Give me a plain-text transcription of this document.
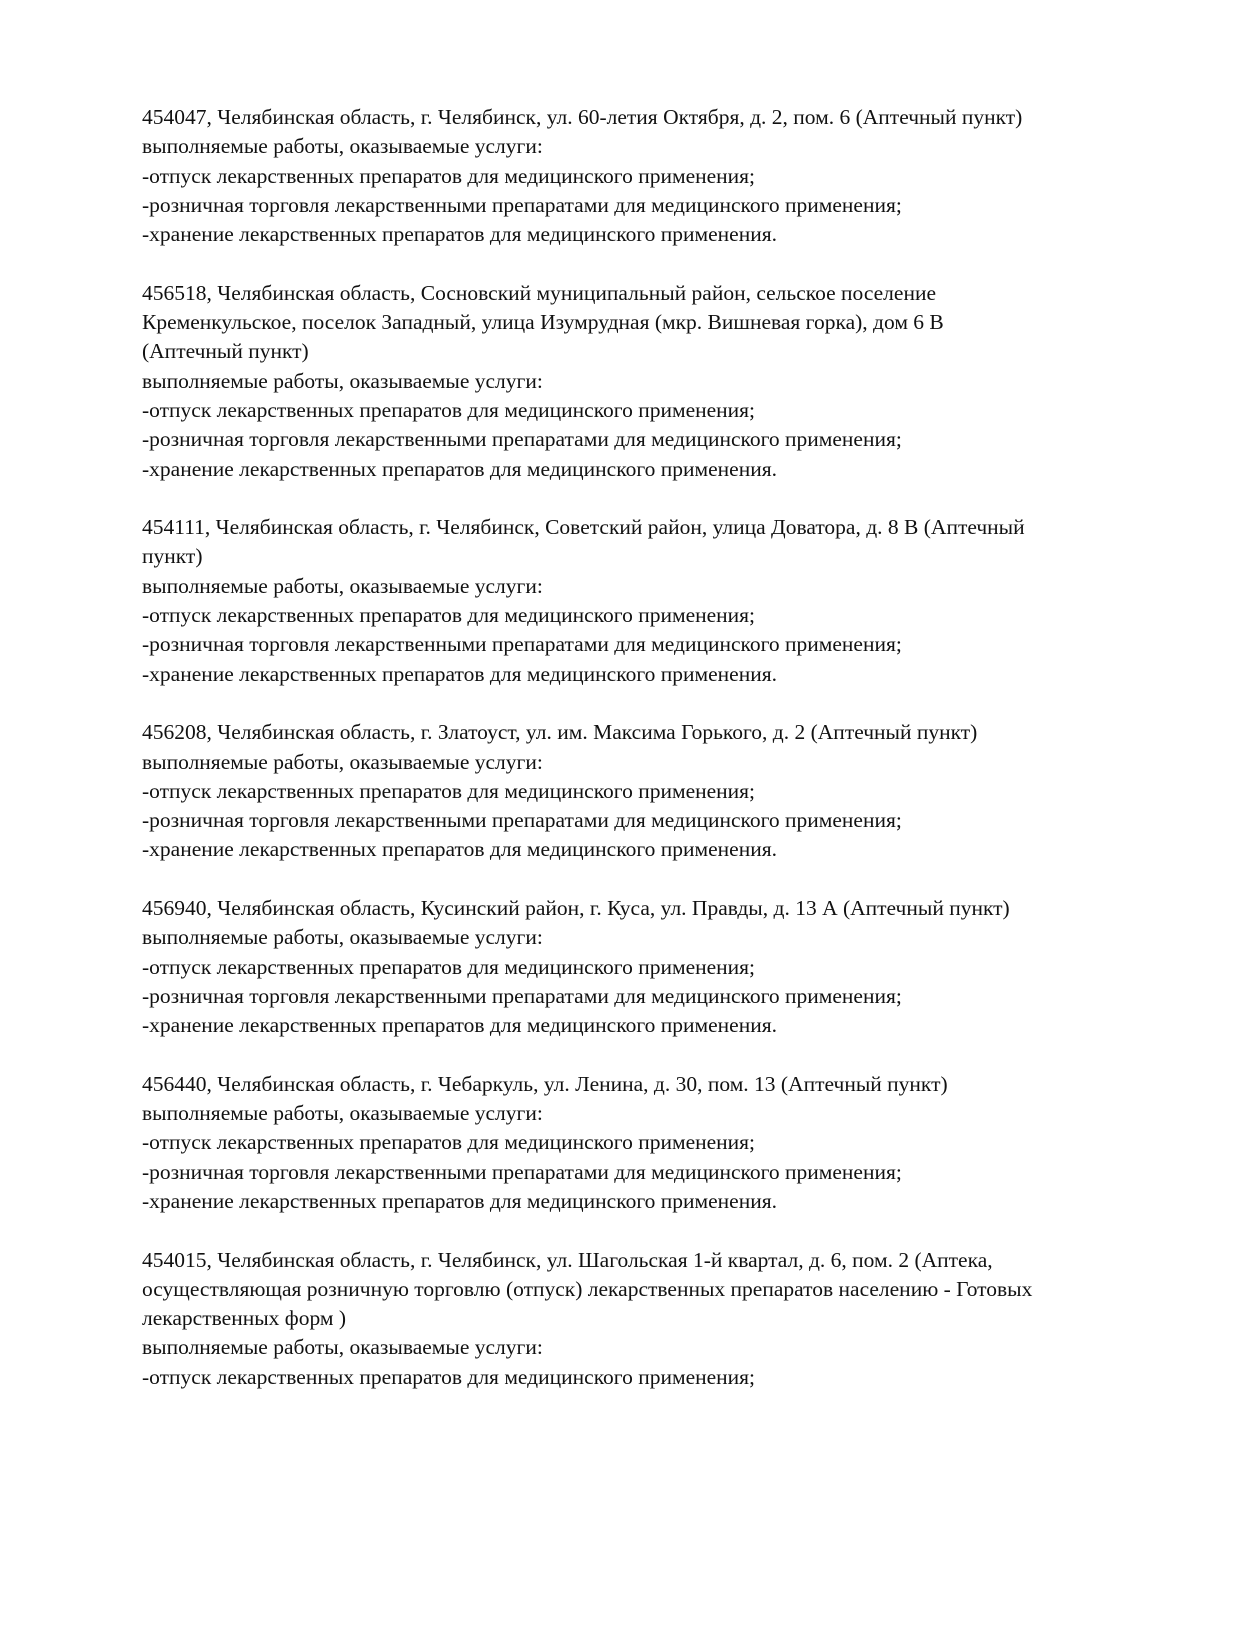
454047, Челябинская область, г. Челябинск, ул. 60-летия Октября, д. 2, пом. 6 (Аптечный пункт)
выполняемые работы, оказываемые услуги:
-отпуск лекарственных препаратов для медицинского применения;
-розничная торговля лекарственными препаратами для медицинского применения;
-хранение лекарственных препаратов для медицинского применения.
456518, Челябинская область, Сосновский муниципальный район, сельское поселение
Кременкульское, поселок Западный, улица Изумрудная (мкр. Вишневая горка), дом 6 В
(Аптечный пункт)
выполняемые работы, оказываемые услуги:
-отпуск лекарственных препаратов для медицинского применения;
-розничная торговля лекарственными препаратами для медицинского применения;
-хранение лекарственных препаратов для медицинского применения.
454111, Челябинская область, г. Челябинск, Советский район, улица Доватора, д. 8 В (Аптечный
пункт)
выполняемые работы, оказываемые услуги:
-отпуск лекарственных препаратов для медицинского применения;
-розничная торговля лекарственными препаратами для медицинского применения;
-хранение лекарственных препаратов для медицинского применения.
456208, Челябинская область, г. Златоуст, ул. им. Максима Горького, д. 2 (Аптечный пункт)
выполняемые работы, оказываемые услуги:
-отпуск лекарственных препаратов для медицинского применения;
-розничная торговля лекарственными препаратами для медицинского применения;
-хранение лекарственных препаратов для медицинского применения.
456940, Челябинская область, Кусинский район, г. Куса, ул. Правды, д. 13 А (Аптечный пункт)
выполняемые работы, оказываемые услуги:
-отпуск лекарственных препаратов для медицинского применения;
-розничная торговля лекарственными препаратами для медицинского применения;
-хранение лекарственных препаратов для медицинского применения.
456440, Челябинская область, г. Чебаркуль, ул. Ленина, д. 30, пом. 13 (Аптечный пункт)
выполняемые работы, оказываемые услуги:
-отпуск лекарственных препаратов для медицинского применения;
-розничная торговля лекарственными препаратами для медицинского применения;
-хранение лекарственных препаратов для медицинского применения.
454015, Челябинская область, г. Челябинск, ул. Шагольская 1-й квартал, д. 6, пом. 2 (Аптека,
осуществляющая розничную торговлю (отпуск) лекарственных препаратов населению - Готовых
лекарственных форм )
выполняемые работы, оказываемые услуги:
-отпуск лекарственных препаратов для медицинского применения;
